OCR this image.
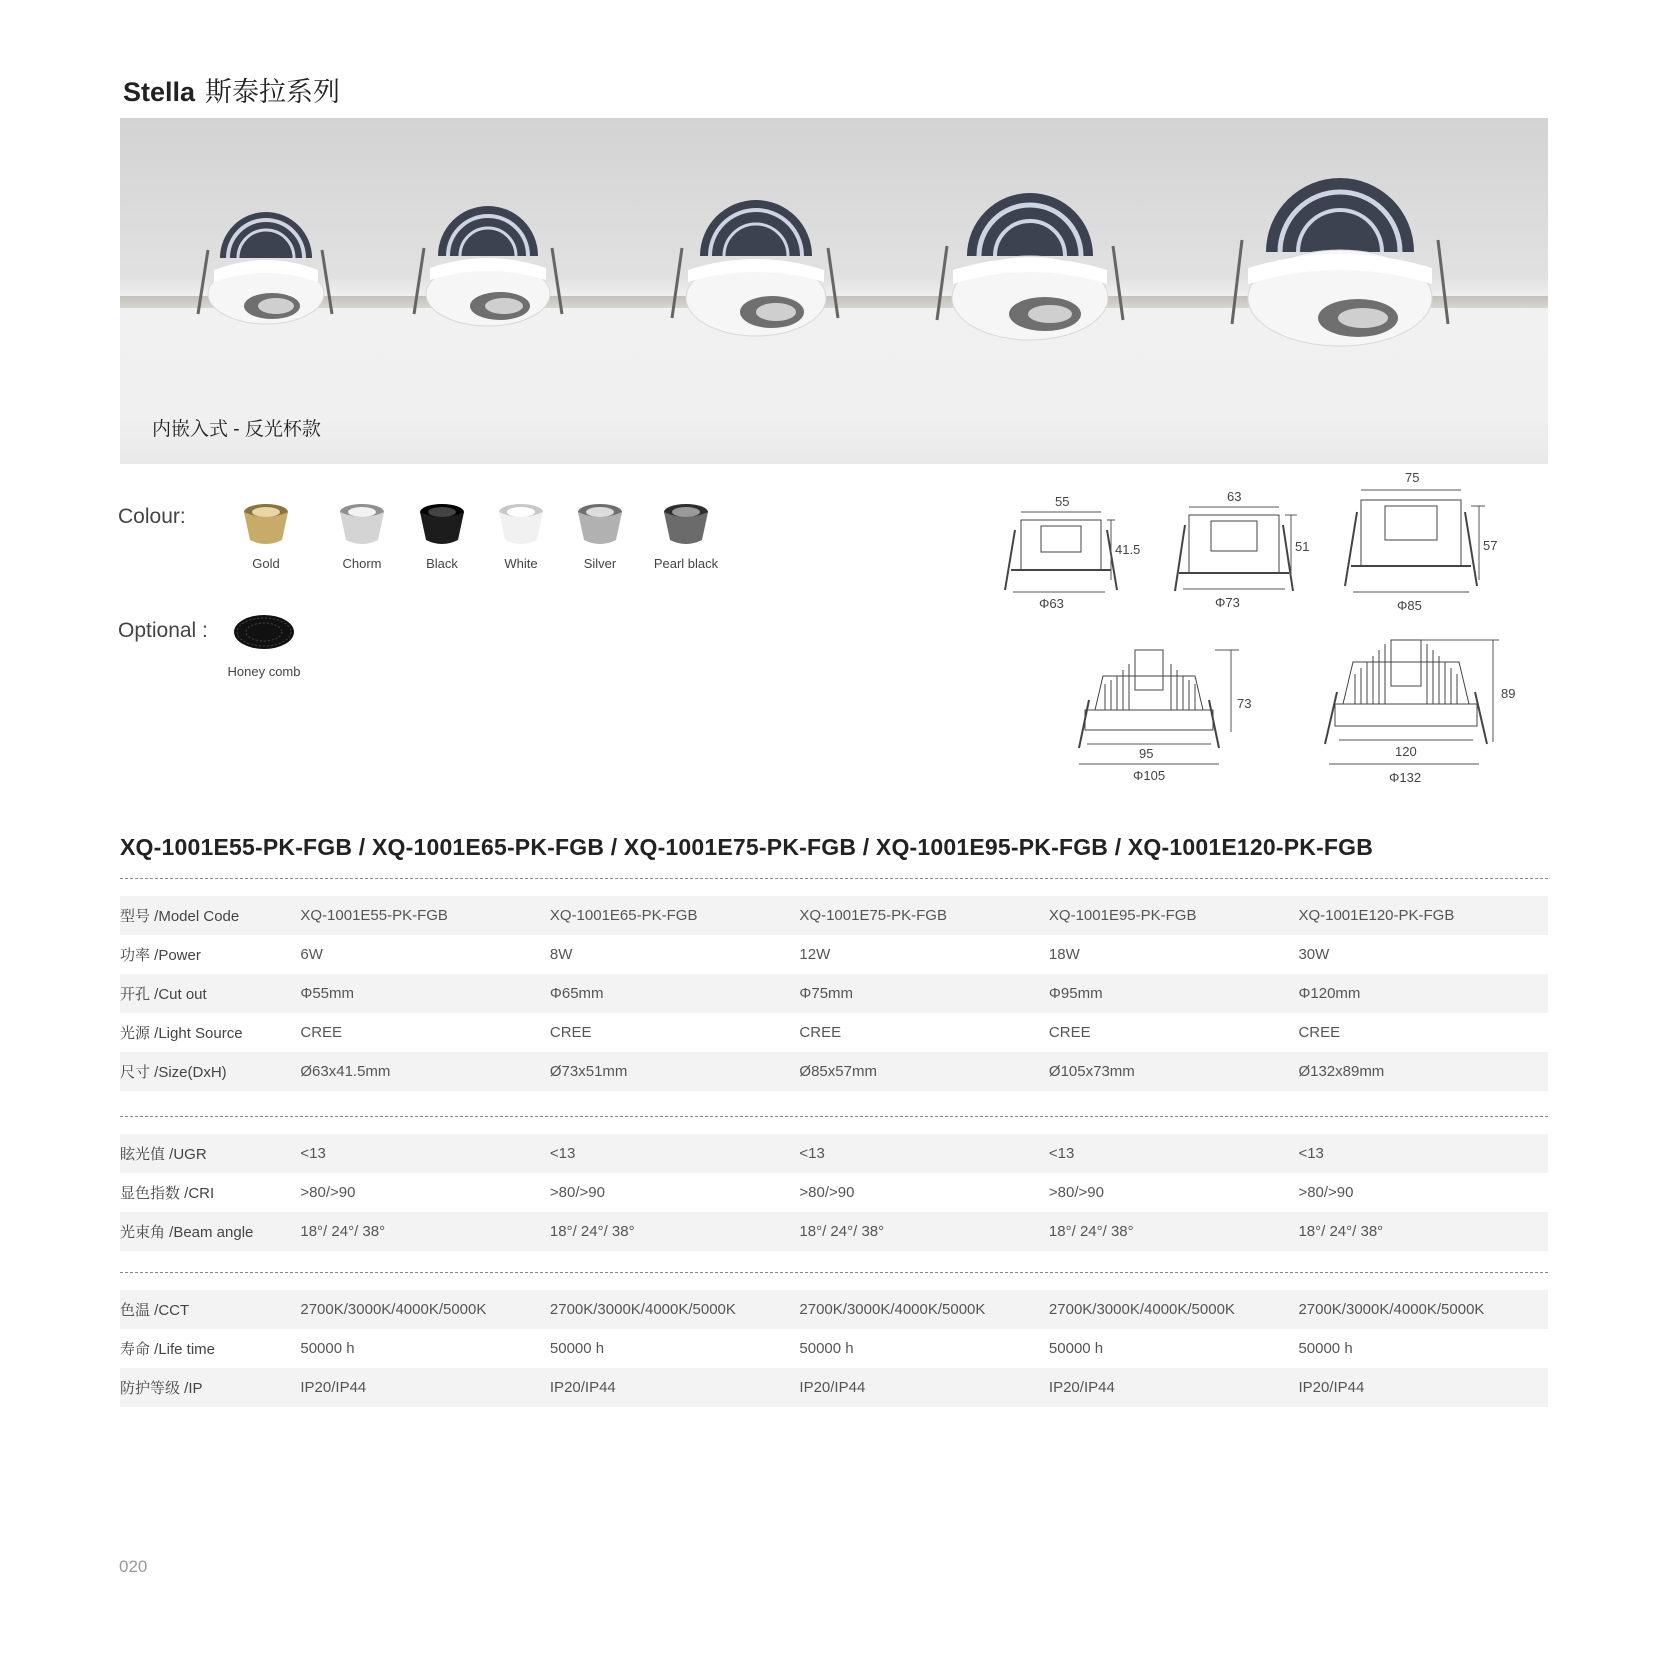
Stella 斯泰拉系列
内嵌入式 - 反光杯款
Colour:
Gold	Chorm	Black	White	Silver	Pearl black
Optional :
Honey comb
55
41.5
Φ63
63
51
Φ73
75
57
Φ85
73
95
Φ105
89
120
Φ132
XQ-1001E55-PK-FGB / XQ-1001E65-PK-FGB / XQ-1001E75-PK-FGB / XQ-1001E95-PK-FGB / XQ-1001E120-PK-FGB
型号 /Model Code	XQ-1001E55-PK-FGB	XQ-1001E65-PK-FGB	XQ-1001E75-PK-FGB	XQ-1001E95-PK-FGB	XQ-1001E120-PK-FGB
功率 /Power	6W	8W	12W	18W	30W
开孔 /Cut out	Φ55mm	Φ65mm	Φ75mm	Φ95mm	Φ120mm
光源 /Light Source	CREE	CREE	CREE	CREE	CREE
尺寸 /Size(DxH)	Ø63x41.5mm	Ø73x51mm	Ø85x57mm	Ø105x73mm	Ø132x89mm
眩光值 /UGR	<13	<13	<13	<13	<13
显色指数 /CRI	>80/>90	>80/>90	>80/>90	>80/>90	>80/>90
光束角 /Beam angle	18°/ 24°/ 38°	18°/ 24°/ 38°	18°/ 24°/ 38°	18°/ 24°/ 38°	18°/ 24°/ 38°
色温 /CCT	2700K/3000K/4000K/5000K	2700K/3000K/4000K/5000K	2700K/3000K/4000K/5000K	2700K/3000K/4000K/5000K	2700K/3000K/4000K/5000K
寿命 /Life time	50000 h	50000 h	50000 h	50000 h	50000 h
防护等级 /IP	IP20/IP44	IP20/IP44	IP20/IP44	IP20/IP44	IP20/IP44
020
